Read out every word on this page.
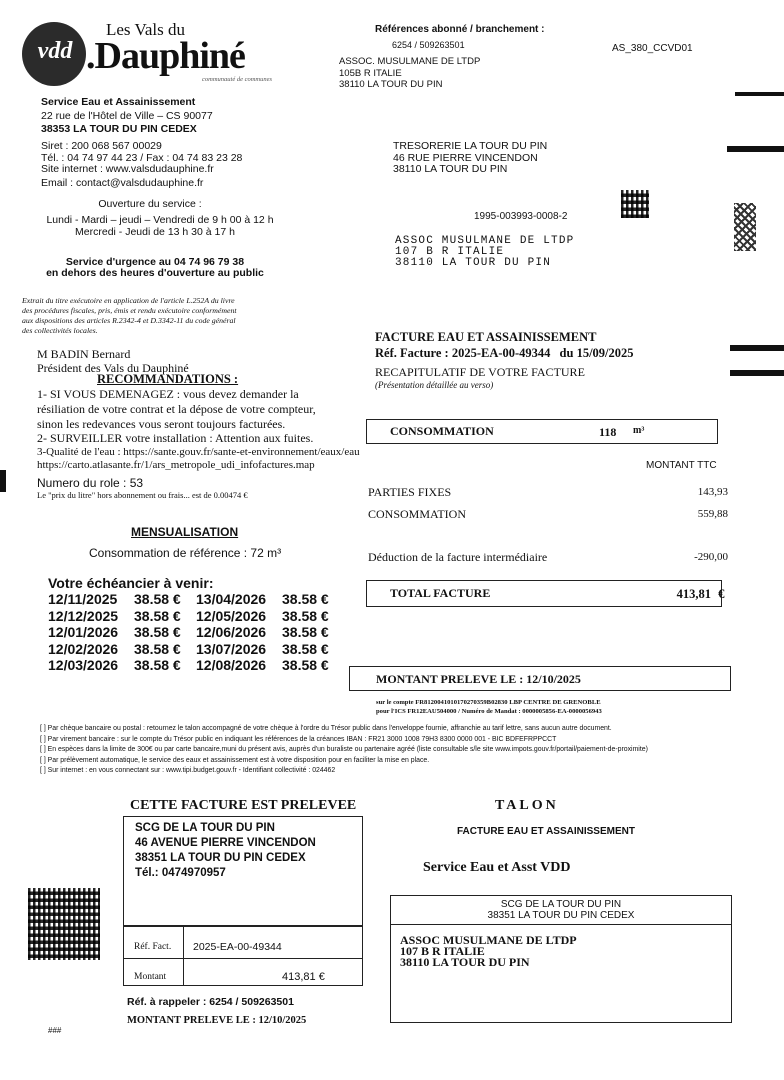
vdd
Les Vals du
.Dauphiné
communauté de communes
Service Eau et Assainissement
22 rue de l'Hôtel de Ville – CS 90077
38353 LA TOUR DU PIN CEDEX
Siret : 200 068 567 00029
Tél. : 04 74 97 44 23 / Fax : 04 74 83 23 28
Site internet : www.valsdudauphine.fr
Email : contact@valsdudauphine.fr
Ouverture du service :
Lundi - Mardi – jeudi – Vendredi de 9 h 00 à 12 h
Mercredi - Jeudi de 13 h 30 à 17 h
Service d'urgence au 04 74 96 79 38
en dehors des heures d'ouverture au public
Extrait du titre exécutoire en application de l'article L.252A du livre
des procédures fiscales, pris, émis et rendu exécutoire conformément
aux dispositions des articles R.2342-4 et D.3342-11 du code général
des collectivités locales.
M BADIN Bernard
Président des Vals du Dauphiné
RECOMMANDATIONS :
1- SI VOUS DEMENAGEZ : vous devez demander la
résiliation de votre contrat et la dépose de votre compteur,
sinon les redevances vous seront toujours facturées.
2- SURVEILLER votre installation : Attention aux fuites.
3-Qualité de l'eau : https://sante.gouv.fr/sante-et-environnement/eaux/eau
https://carto.atlasante.fr/1/ars_metropole_udi_infofactures.map
Numero du role : 53
Le "prix du litre" hors abonnement ou frais... est de 0.00474 €
Références abonné / branchement :
6254 / 509263501	AS_380_CCVD01
ASSOC. MUSULMANE DE LTDP
105B R ITALIE
38110 LA TOUR DU PIN
TRESORERIE LA TOUR DU PIN
46 RUE PIERRE VINCENDON
38110 LA TOUR DU PIN
1995-003993-0008-2
ASSOC MUSULMANE DE LTDP
107 B R ITALIE
38110 LA TOUR DU PIN
FACTURE EAU ET ASSAINISSEMENT
Réf. Facture : 2025-EA-00-49344 du 15/09/2025
RECAPITULATIF DE VOTRE FACTURE
(Présentation détaillée au verso)
CONSOMMATION	118 m³
MONTANT TTC
PARTIES FIXES	143,93
CONSOMMATION	559,88
Déduction de la facture intermédiaire	-290,00
TOTAL FACTURE	413,81 €
MONTANT PRELEVE LE : 12/10/2025
sur le compte FR8120041010170270359B02830 LBP CENTRE DE GRENOBLE
pour l'ICS FR12EAU504000 / Numéro de Mandat : 0000005856-EA-0000056943
MENSUALISATION
Consommation de référence : 72 m³
Votre échéancier à venir:
12/11/2025	38.58 €	13/04/2026	38.58 €
12/12/2025	38.58 €	12/05/2026	38.58 €
12/01/2026	38.58 €	12/06/2026	38.58 €
12/02/2026	38.58 €	13/07/2026	38.58 €
12/03/2026	38.58 €	12/08/2026	38.58 €
[ ] Par chèque bancaire ou postal : retournez le talon accompagné de votre chèque à l'ordre du Trésor public dans l'enveloppe fournie, affranchie au tarif lettre, sans aucun autre document.
[ ] Par virement bancaire : sur le compte du Trésor public en indiquant les références de la créances IBAN : FR21 3000 1008 79H3 8300 0000 001 - BIC BDFEFRPPCCT
[ ] En espèces dans la limite de 300€ ou par carte bancaire,muni du présent avis, auprès d'un buraliste ou partenaire agréé (liste consultable s/le site www.impots.gouv.fr/portail/paiement-de-proximite)
[ ] Par prélèvement automatique, le service des eaux et assainissement est à votre disposition pour en faciliter la mise en place.
[ ] Sur internet : en vous connectant sur : www.tipi.budget.gouv.fr - Identifiant collectivité : 024462
CETTE FACTURE EST PRELEVEE
SCG DE LA TOUR DU PIN
46 AVENUE PIERRE VINCENDON
38351 LA TOUR DU PIN CEDEX
Tél.: 0474970957
Réf. Fact. 2025-EA-00-49344
Montant	413,81 €
Réf. à rappeler : 6254 / 509263501
MONTANT PRELEVE LE : 12/10/2025
###
TALON
FACTURE EAU ET ASSAINISSEMENT
Service Eau et Asst VDD
SCG DE LA TOUR DU PIN
38351 LA TOUR DU PIN CEDEX
ASSOC MUSULMANE DE LTDP
107 B R ITALIE
38110 LA TOUR DU PIN
